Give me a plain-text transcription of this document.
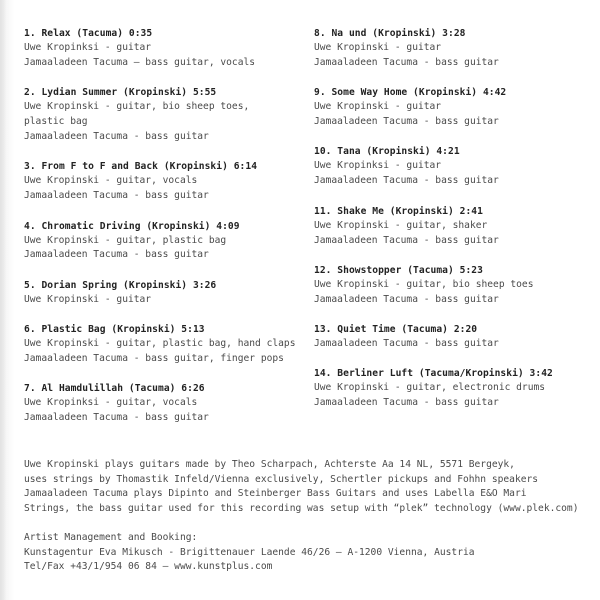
1. Relax (Tacuma) 0:35
Uwe Kropinksi - guitar
Jamaaladeen Tacuma – bass guitar, vocals
2. Lydian Summer (Kropinski) 5:55
Uwe Kropinski - guitar, bio sheep toes,
plastic bag
Jamaaladeen Tacuma - bass guitar
3. From F to F and Back (Kropinski) 6:14
Uwe Kropinski - guitar, vocals
Jamaaladeen Tacuma - bass guitar
4. Chromatic Driving (Kropinski) 4:09
Uwe Kropinski - guitar, plastic bag
Jamaaladeen Tacuma - bass guitar
5. Dorian Spring (Kropinski) 3:26
Uwe Kropinski - guitar
6. Plastic Bag (Kropinski) 5:13
Uwe Kropinski - guitar, plastic bag, hand claps
Jamaaladeen Tacuma - bass guitar, finger pops
7. Al Hamdulillah (Tacuma) 6:26
Uwe Kropinksi - guitar, vocals
Jamaaladeen Tacuma - bass guitar
8. Na und (Kropinski) 3:28
Uwe Kropinski - guitar
Jamaaladeen Tacuma - bass guitar
9. Some Way Home (Kropinski) 4:42
Uwe Kropinski - guitar
Jamaaladeen Tacuma - bass guitar
10. Tana (Kropinski) 4:21
Uwe Kropinksi - guitar
Jamaaladeen Tacuma - bass guitar
11. Shake Me (Kropinski) 2:41
Uwe Kropinski - guitar, shaker
Jamaaladeen Tacuma - bass guitar
12. Showstopper (Tacuma) 5:23
Uwe Kropinski - guitar, bio sheep toes
Jamaaladeen Tacuma - bass guitar
13. Quiet Time (Tacuma) 2:20
Jamaaladeen Tacuma - bass guitar
14. Berliner Luft (Tacuma/Kropinski) 3:42
Uwe Kropinski - guitar, electronic drums
Jamaaladeen Tacuma - bass guitar

Uwe Kropinski plays guitars made by Theo Scharpach, Achterste Aa 14 NL, 5571 Bergeyk,

uses strings by Thomastik Infeld/Vienna exclusively, Schertler pickups and Fohhn speakers

Jamaaladeen Tacuma plays Dipinto and Steinberger Bass Guitars and uses Labella E&O Mari

Strings, the bass guitar used for this recording was setup with “plek” technology (www.plek.com)

Artist Management and Booking:

Kunstagentur Eva Mikusch - Brigittenauer Laende 46/26 – A-1200 Vienna, Austria

Tel/Fax +43/1/954 06 84 – www.kunstplus.com
